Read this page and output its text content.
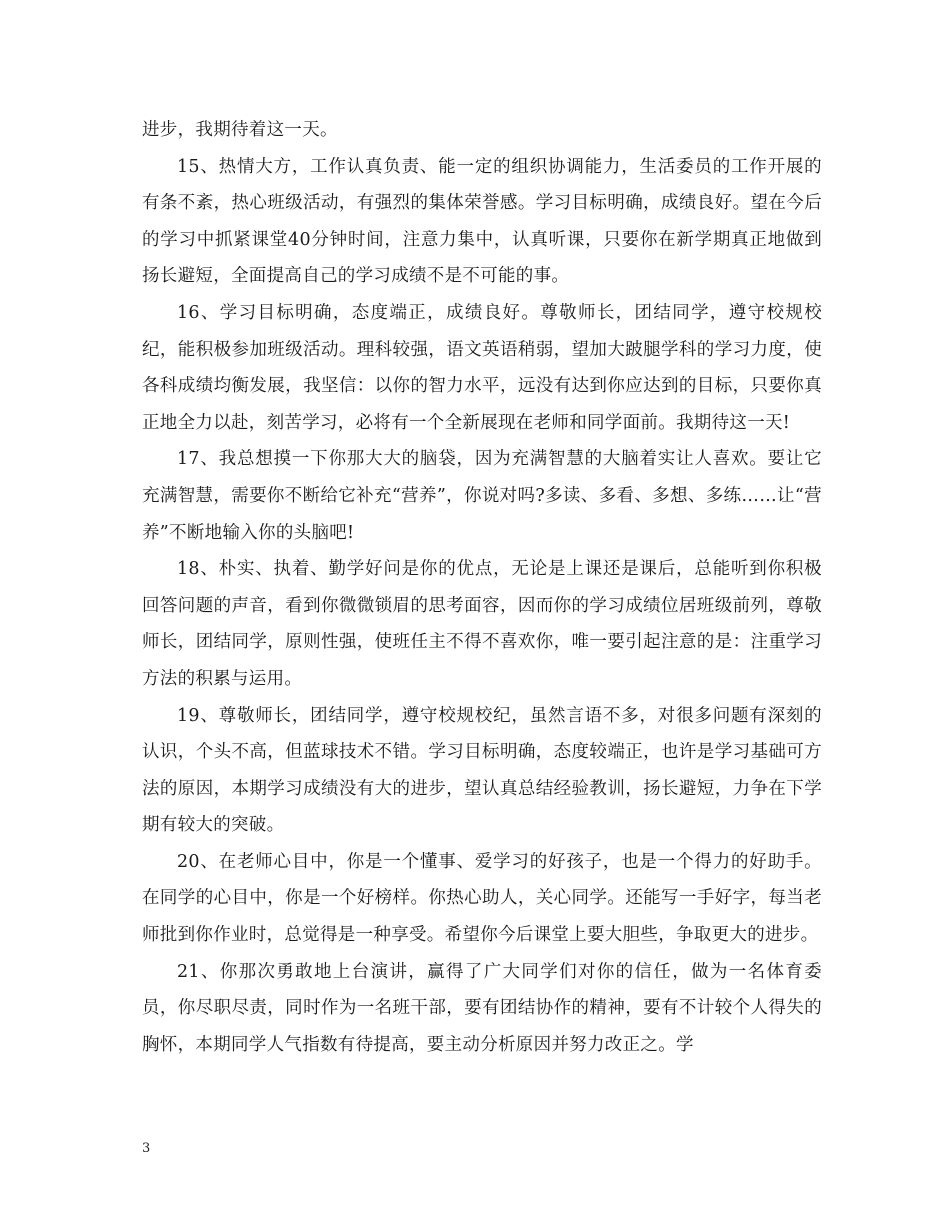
进步，我期待着这一天。

15、热情大方，工作认真负责、能一定的组织协调能力，生活委员的工作开展的有条不紊，热心班级活动，有强烈的集体荣誉感。学习目标明确，成绩良好。望在今后的学习中抓紧课堂40分钟时间，注意力集中，认真听课，只要你在新学期真正地做到扬长避短，全面提高自己的学习成绩不是不可能的事。

16、学习目标明确，态度端正，成绩良好。尊敬师长，团结同学，遵守校规校纪，能积极参加班级活动。理科较强，语文英语稍弱，望加大跛腿学科的学习力度，使各科成绩均衡发展，我坚信：以你的智力水平，远没有达到你应达到的目标，只要你真正地全力以赴，刻苦学习，必将有一个全新展现在老师和同学面前。我期待这一天!

17、我总想摸一下你那大大的脑袋，因为充满智慧的大脑着实让人喜欢。要让它充满智慧，需要你不断给它补充“营养”，你说对吗?多读、多看、多想、多练……让“营养”不断地输入你的头脑吧!

18、朴实、执着、勤学好问是你的优点，无论是上课还是课后，总能听到你积极回答问题的声音，看到你微微锁眉的思考面容，因而你的学习成绩位居班级前列，尊敬师长，团结同学，原则性强，使班任主不得不喜欢你，唯一要引起注意的是：注重学习方法的积累与运用。

19、尊敬师长，团结同学，遵守校规校纪，虽然言语不多，对很多问题有深刻的认识，个头不高，但蓝球技术不错。学习目标明确，态度较端正，也许是学习基础可方法的原因，本期学习成绩没有大的进步，望认真总结经验教训，扬长避短，力争在下学期有较大的突破。

20、在老师心目中，你是一个懂事、爱学习的好孩子，也是一个得力的好助手。在同学的心目中，你是一个好榜样。你热心助人，关心同学。还能写一手好字，每当老师批到你作业时，总觉得是一种享受。希望你今后课堂上要大胆些，争取更大的进步。

21、你那次勇敢地上台演讲，赢得了广大同学们对你的信任，做为一名体育委员，你尽职尽责，同时作为一名班干部，要有团结协作的精神，要有不计较个人得失的胸怀，本期同学人气指数有待提高，要主动分析原因并努力改正之。学

3
